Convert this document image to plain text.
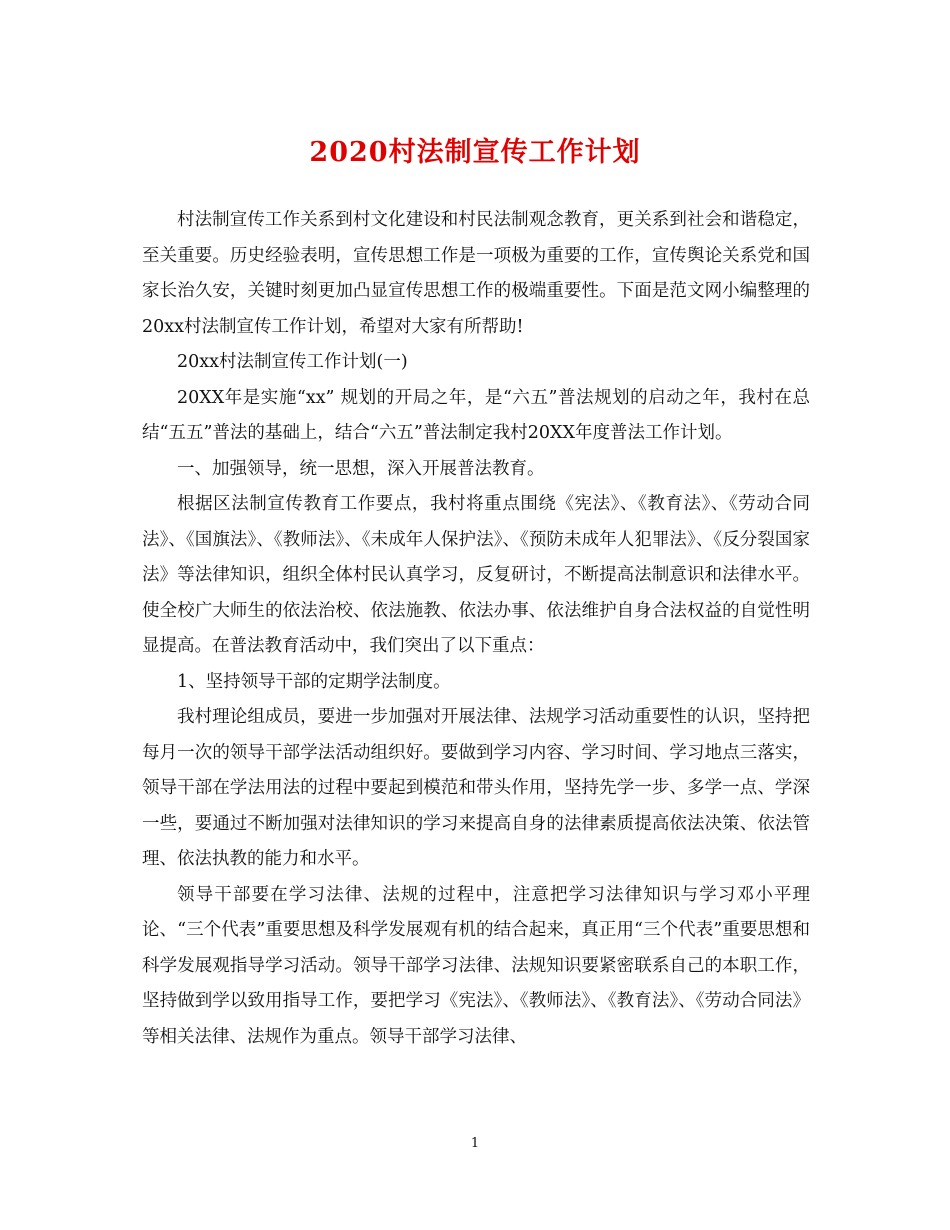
2020村法制宣传工作计划

村法制宣传工作关系到村文化建设和村民法制观念教育，更关系到社会和谐稳定，至关重要。历史经验表明，宣传思想工作是一项极为重要的工作，宣传舆论关系党和国家长治久安，关键时刻更加凸显宣传思想工作的极端重要性。下面是范文网小编整理的20xx村法制宣传工作计划，希望对大家有所帮助!

20xx村法制宣传工作计划(一)

20XX年是实施“xx” 规划的开局之年，是“六五”普法规划的启动之年，我村在总结“五五”普法的基础上，结合“六五”普法制定我村20XX年度普法工作计划。

一、加强领导，统一思想，深入开展普法教育。

根据区法制宣传教育工作要点，我村将重点围绕《宪法》、《教育法》、《劳动合同法》、《国旗法》、《教师法》、《未成年人保护法》、《预防未成年人犯罪法》、《反分裂国家法》等法律知识，组织全体村民认真学习，反复研讨，不断提高法制意识和法律水平。使全校广大师生的依法治校、依法施教、依法办事、依法维护自身合法权益的自觉性明显提高。在普法教育活动中，我们突出了以下重点：

1、坚持领导干部的定期学法制度。

我村理论组成员，要进一步加强对开展法律、法规学习活动重要性的认识，坚持把每月一次的领导干部学法活动组织好。要做到学习内容、学习时间、学习地点三落实，领导干部在学法用法的过程中要起到模范和带头作用，坚持先学一步、多学一点、学深一些，要通过不断加强对法律知识的学习来提高自身的法律素质提高依法决策、依法管理、依法执教的能力和水平。

领导干部要在学习法律、法规的过程中，注意把学习法律知识与学习邓小平理论、“三个代表”重要思想及科学发展观有机的结合起来，真正用“三个代表”重要思想和科学发展观指导学习活动。领导干部学习法律、法规知识要紧密联系自己的本职工作，坚持做到学以致用指导工作，要把学习《宪法》、《教师法》、《教育法》、《劳动合同法》等相关法律、法规作为重点。领导干部学习法律、

1
